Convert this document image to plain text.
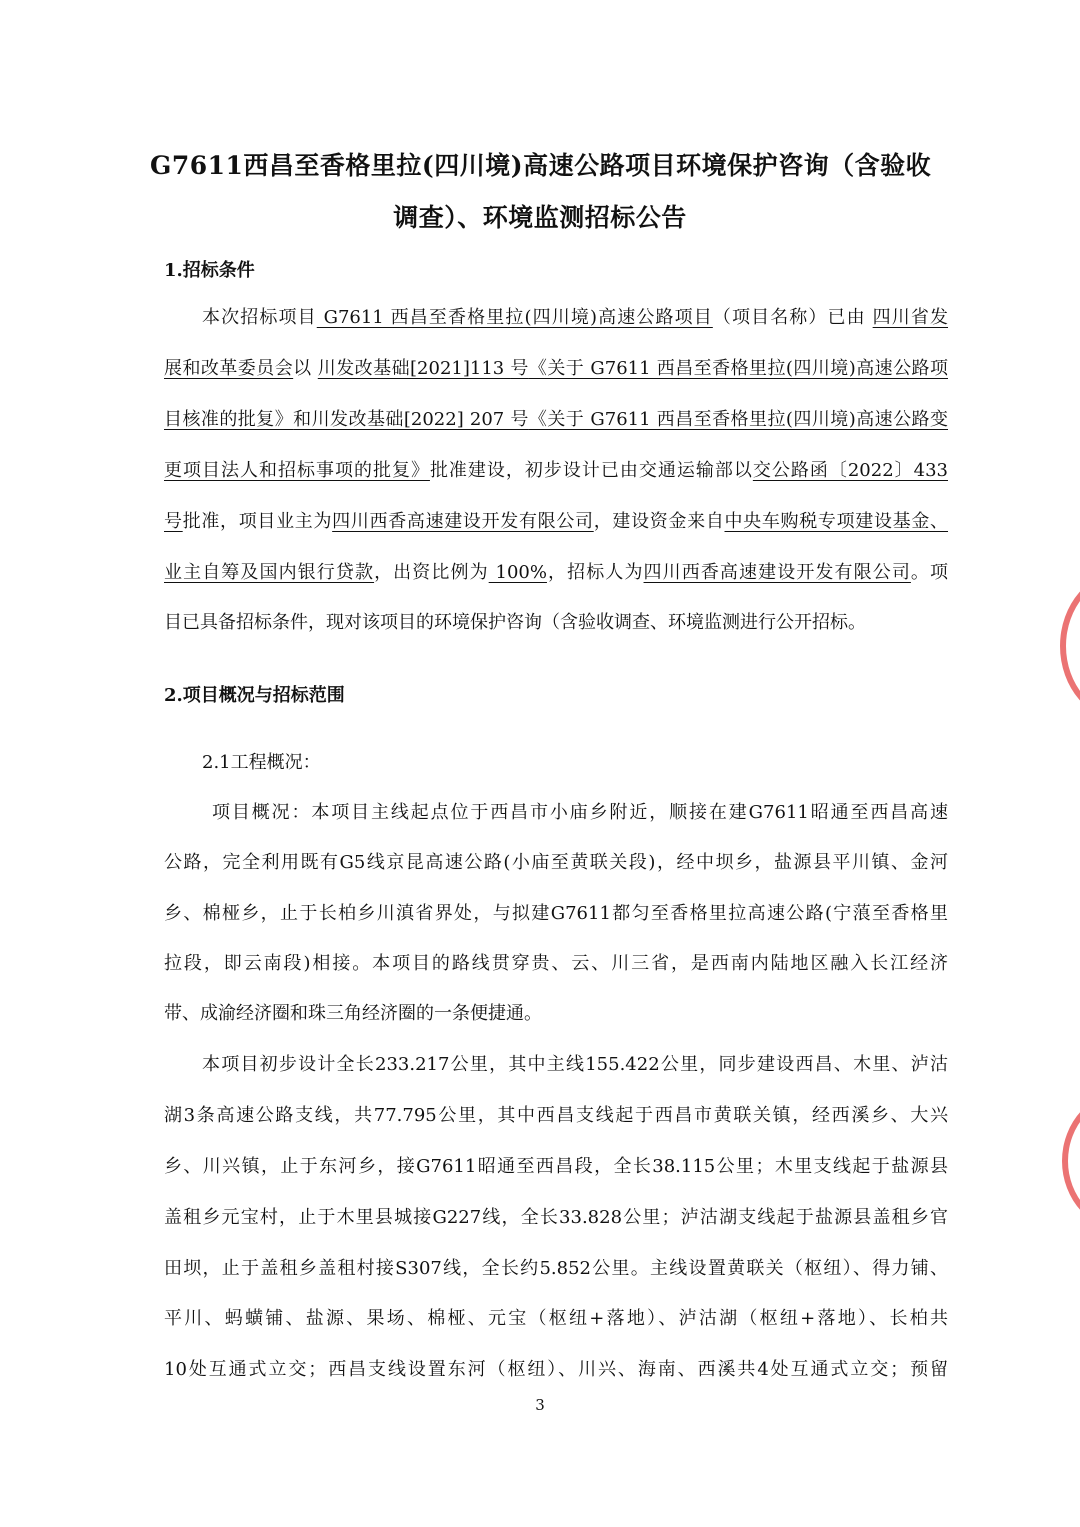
G7611西昌至香格里拉(四川境)高速公路项目环境保护咨询（含验收
调查）、环境监测招标公告
1.招标条件
本次招标项目 G7611 西昌至香格里拉(四川境)高速公路项目（项目名称）已由 四川省发
展和改革委员会以 川发改基础[2021]113 号《关于 G7611 西昌至香格里拉(四川境)高速公路项
目核准的批复》和川发改基础[2022] 207 号《关于 G7611 西昌至香格里拉(四川境)高速公路变
更项目法人和招标事项的批复》批准建设，初步设计已由交通运输部以交公路函〔2022〕433
号批准，项目业主为四川西香高速建设开发有限公司，建设资金来自中央车购税专项建设基金、
业主自筹及国内银行贷款，出资比例为 100%，招标人为四川西香高速建设开发有限公司。项
目已具备招标条件，现对该项目的环境保护咨询（含验收调查、环境监测进行公开招标。
2.项目概况与招标范围
2.1工程概况：
项目概况：本项目主线起点位于西昌市小庙乡附近，顺接在建G7611昭通至西昌高速
公路，完全利用既有G5线京昆高速公路(小庙至黄联关段)，经中坝乡，盐源县平川镇、金河
乡、棉桠乡，止于长柏乡川滇省界处，与拟建G7611都匀至香格里拉高速公路(宁蒗至香格里
拉段，即云南段)相接。本项目的路线贯穿贵、云、川三省，是西南内陆地区融入长江经济
带、成渝经济圈和珠三角经济圈的一条便捷通。
本项目初步设计全长233.217公里，其中主线155.422公里，同步建设西昌、木里、泸沽
湖3条高速公路支线，共77.795公里，其中西昌支线起于西昌市黄联关镇，经西溪乡、大兴
乡、川兴镇，止于东河乡，接G7611昭通至西昌段，全长38.115公里；木里支线起于盐源县
盖租乡元宝村，止于木里县城接G227线，全长33.828公里；泸沽湖支线起于盐源县盖租乡官
田坝，止于盖租乡盖租村接S307线，全长约5.852公里。主线设置黄联关（枢纽）、得力铺、
平川、蚂蟥铺、盐源、果场、棉桠、元宝（枢纽+落地）、泸沽湖（枢纽+落地）、长柏共
10处互通式立交；西昌支线设置东河（枢纽）、川兴、海南、西溪共4处互通式立交；预留
3
